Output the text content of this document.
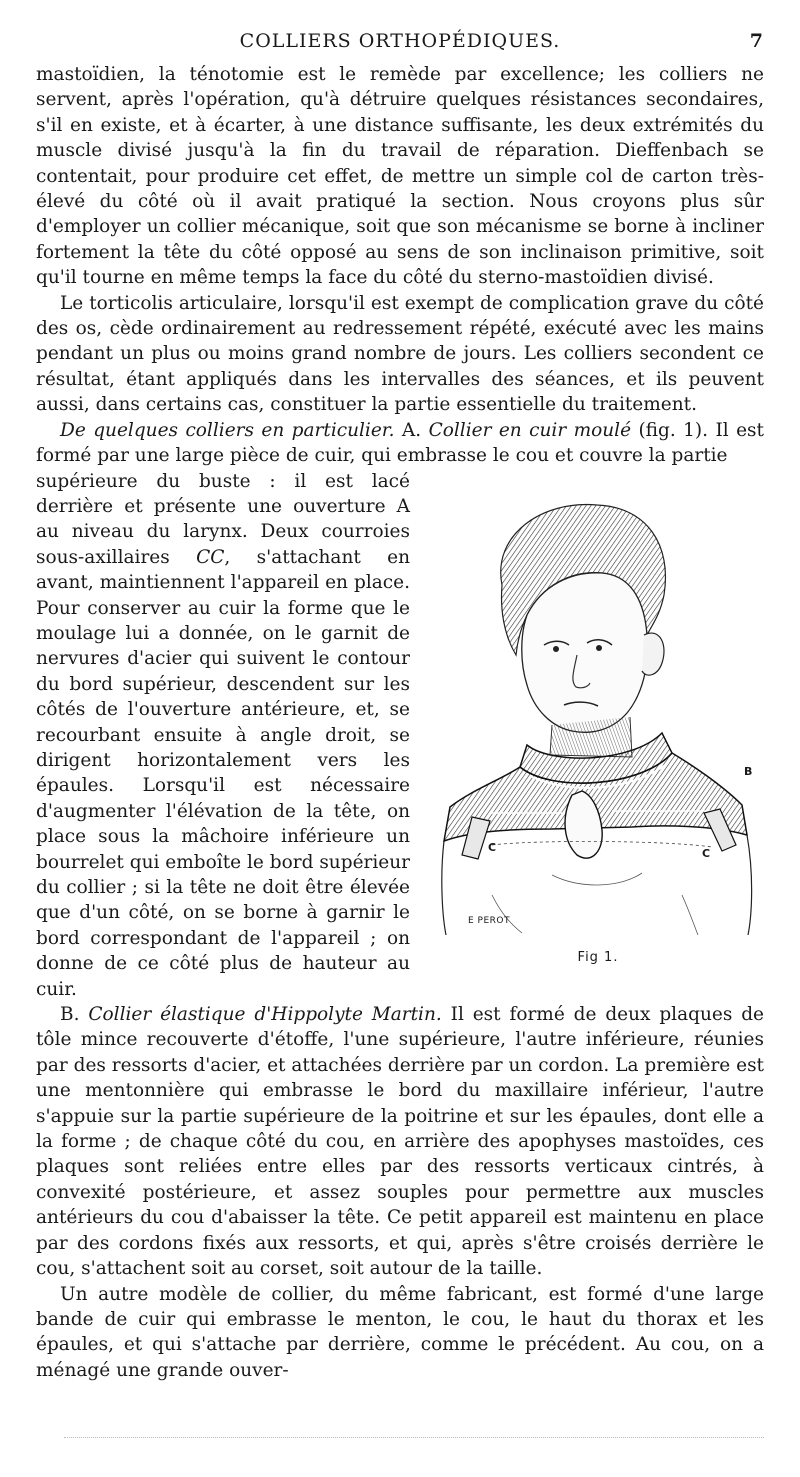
COLLIERS ORTHOPÉDIQUES.	7

mastoïdien, la ténotomie est le remède par excellence; les colliers ne servent, après l'opération, qu'à détruire quelques résistances secondaires, s'il en existe, et à écarter, à une distance suffisante, les deux extrémités du muscle divisé jusqu'à la fin du travail de réparation. Dieffenbach se contentait, pour produire cet effet, de mettre un simple col de carton très-élevé du côté où il avait pratiqué la section. Nous croyons plus sûr d'employer un collier mécanique, soit que son mécanisme se borne à incliner fortement la tête du côté opposé au sens de son inclinaison primitive, soit qu'il tourne en même temps la face du côté du sterno-mastoïdien divisé.

Le torticolis articulaire, lorsqu'il est exempt de complication grave du côté des os, cède ordinairement au redressement répété, exécuté avec les mains pendant un plus ou moins grand nombre de jours. Les colliers secondent ce résultat, étant appliqués dans les intervalles des séances, et ils peuvent aussi, dans certains cas, constituer la partie essentielle du traitement.

De quelques colliers en particulier. A. Collier en cuir moulé (fig. 1). Il est formé par une large pièce de cuir, qui embrasse le cou et couvre la partie

B
C	C
E PEROT
Fig 1.

supérieure du buste : il est lacé derrière et présente une ouverture A au niveau du larynx. Deux courroies sous-axillaires CC, s'attachant en avant, maintiennent l'appareil en place. Pour conserver au cuir la forme que le moulage lui a donnée, on le garnit de nervures d'acier qui suivent le contour du bord supérieur, descendent sur les côtés de l'ouverture antérieure, et, se recourbant ensuite à angle droit, se dirigent horizontalement vers les épaules. Lorsqu'il est nécessaire d'augmenter l'élévation de la tête, on place sous la mâchoire inférieure un bourrelet qui emboîte le bord supérieur du collier ; si la tête ne doit être élevée que d'un côté, on se borne à garnir le bord correspondant de l'appareil ; on donne de ce côté plus de hauteur au cuir.

B. Collier élastique d'Hippolyte Martin. Il est formé de deux plaques de tôle mince recouverte d'étoffe, l'une supérieure, l'autre inférieure, réunies par des ressorts d'acier, et attachées derrière par un cordon. La première est une mentonnière qui embrasse le bord du maxillaire inférieur, l'autre s'appuie sur la partie supérieure de la poitrine et sur les épaules, dont elle a la forme ; de chaque côté du cou, en arrière des apophyses mastoïdes, ces plaques sont reliées entre elles par des ressorts verticaux cintrés, à convexité postérieure, et assez souples pour permettre aux muscles antérieurs du cou d'abaisser la tête. Ce petit appareil est maintenu en place par des cordons fixés aux ressorts, et qui, après s'être croisés derrière le cou, s'attachent soit au corset, soit autour de la taille.

Un autre modèle de collier, du même fabricant, est formé d'une large bande de cuir qui embrasse le menton, le cou, le haut du thorax et les épaules, et qui s'attache par derrière, comme le précédent. Au cou, on a ménagé une grande ouver-
